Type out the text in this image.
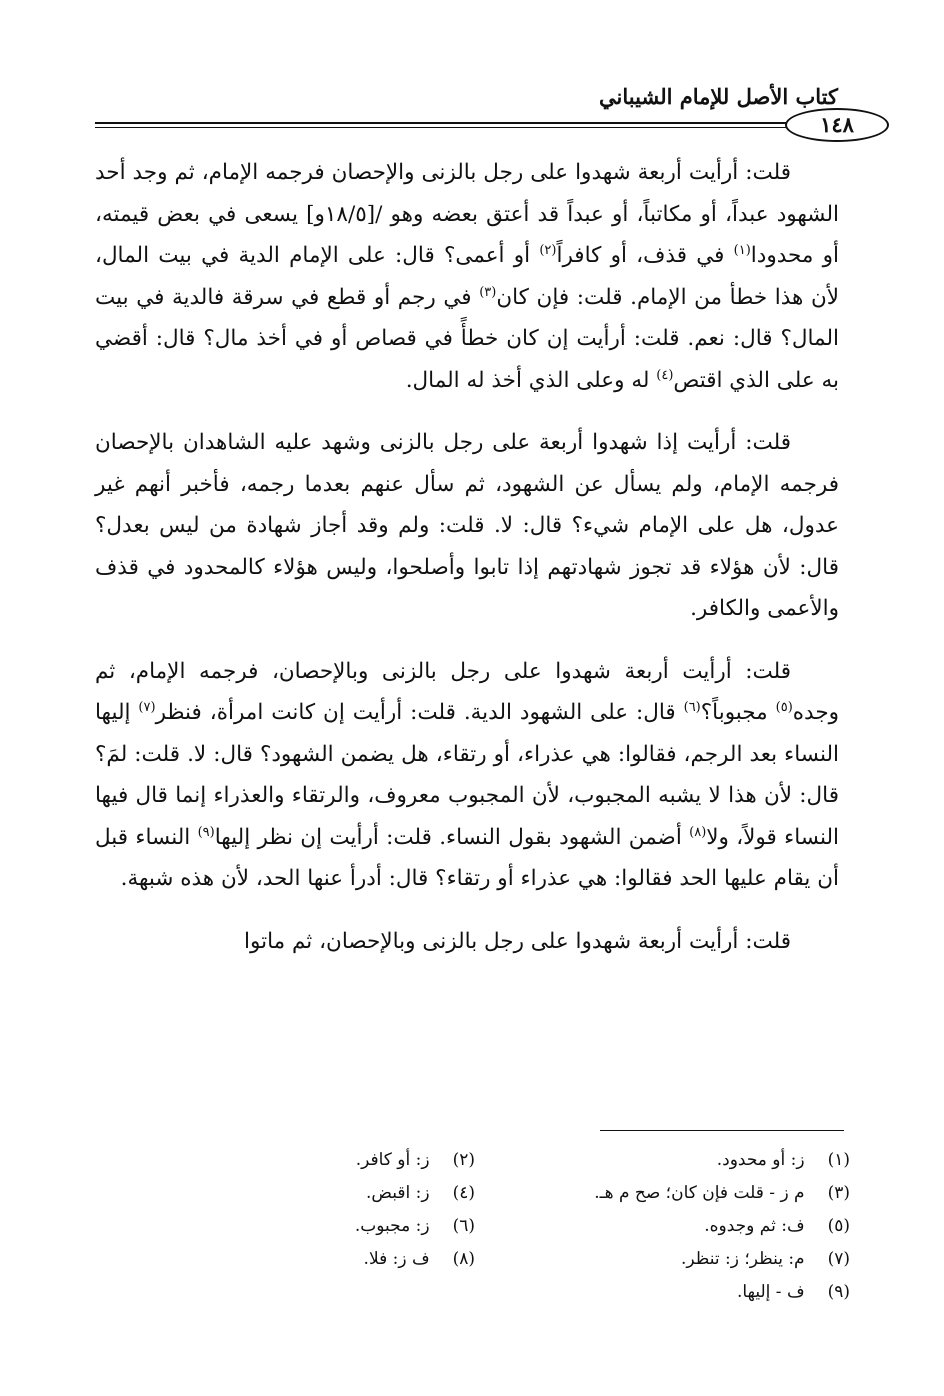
كتاب الأصل للإمام الشيباني
١٤٨

قلت: أرأيت أربعة شهدوا على رجل بالزنى والإحصان فرجمه الإمام، ثم وجد أحد الشهود عبداً، أو مكاتباً، أو عبداً قد أعتق بعضه وهو /[١٨/٥و] يسعى في بعض قيمته، أو محدودا$^{(١)}$ في قذف، أو كافراً$^{(٢)}$ أو أعمى؟ قال: على الإمام الدية في بيت المال، لأن هذا خطأ من الإمام. قلت: فإن كان$^{(٣)}$ في رجم أو قطع في سرقة فالدية في بيت المال؟ قال: نعم. قلت: أرأيت إن كان خطأً في قصاص أو في أخذ مال؟ قال: أقضي به على الذي اقتص$^{(٤)}$ له وعلى الذي أخذ له المال.

قلت: أرأيت إذا شهدوا أربعة على رجل بالزنى وشهد عليه الشاهدان بالإحصان فرجمه الإمام، ولم يسأل عن الشهود، ثم سأل عنهم بعدما رجمه، فأخبر أنهم غير عدول، هل على الإمام شيء؟ قال: لا. قلت: ولم وقد أجاز شهادة من ليس بعدل؟ قال: لأن هؤلاء قد تجوز شهادتهم إذا تابوا وأصلحوا، وليس هؤلاء كالمحدود في قذف والأعمى والكافر.

قلت: أرأيت أربعة شهدوا على رجل بالزنى وبالإحصان، فرجمه الإمام، ثم وجده$^{(٥)}$ مجبوباً؟$^{(٦)}$ قال: على الشهود الدية. قلت: أرأيت إن كانت امرأة، فنظر$^{(٧)}$ إليها النساء بعد الرجم، فقالوا: هي عذراء، أو رتقاء، هل يضمن الشهود؟ قال: لا. قلت: لمَ؟ قال: لأن هذا لا يشبه المجبوب، لأن المجبوب معروف، والرتقاء والعذراء إنما قال فيها النساء قولاً، ولا$^{(٨)}$ أضمن الشهود بقول النساء. قلت: أرأيت إن نظر إليها$^{(٩)}$ النساء قبل أن يقام عليها الحد فقالوا: هي عذراء أو رتقاء؟ قال: أدرأ عنها الحد، لأن هذه شبهة.

قلت: أرأيت أربعة شهدوا على رجل بالزنى وبالإحصان، ثم ماتوا

(١) ز: أو محدود.
(٢) ز: أو كافر.
(٣) م ز - قلت فإن كان؛ صح م هـ.
(٤) ز: اقبض.
(٥) ف: ثم وجدوه.
(٦) ز: مجبوب.
(٧) م: ينظر؛ ز: تنظر.
(٨) ف ز: فلا.
(٩) ف - إليها.
